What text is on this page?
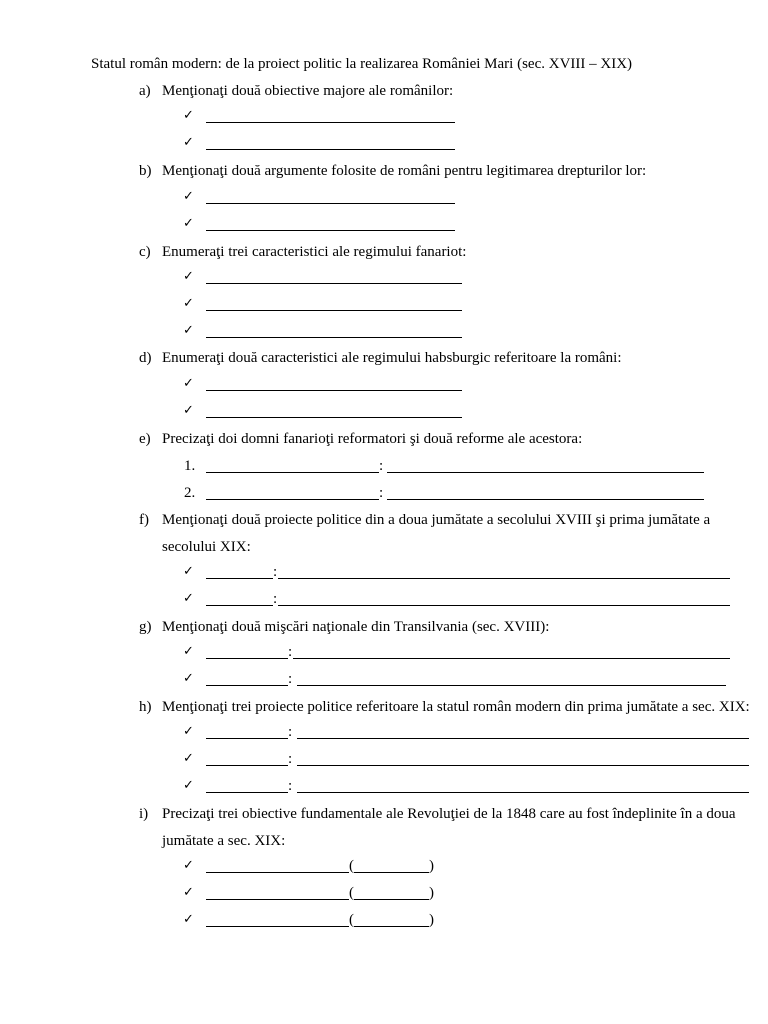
Statul român modern: de la proiect politic la realizarea României Mari (sec. XVIII – XIX)
a) Menţionaţi două obiective majore ale românilor:
✓
✓
b) Menţionaţi două argumente folosite de români pentru legitimarea drepturilor lor:
✓
✓
c) Enumeraţi trei caracteristici ale regimului fanariot:
✓
✓
✓
d) Enumeraţi două caracteristici ale regimului habsburgic referitoare la români:
✓
✓
e) Precizaţi doi domni fanarioţi reformatori şi două reforme ale acestora:
1.	:
2.	:
f) Menţionaţi două proiecte politice din a doua jumătate a secolului XVIII şi prima jumătate a
secolului XIX:
✓	:
✓	:
g) Menţionaţi două mişcări naţionale din Transilvania (sec. XVIII):
✓	:
✓	:
h) Menţionaţi trei proiecte politice referitoare la statul român modern din prima jumătate a sec. XIX:
✓	:
✓	:
✓	:
i) Precizaţi trei obiective fundamentale ale Revoluţiei de la 1848 care au fost îndeplinite în a doua
jumătate a sec. XIX:
✓	(	)
✓	(	)
✓	(	)
